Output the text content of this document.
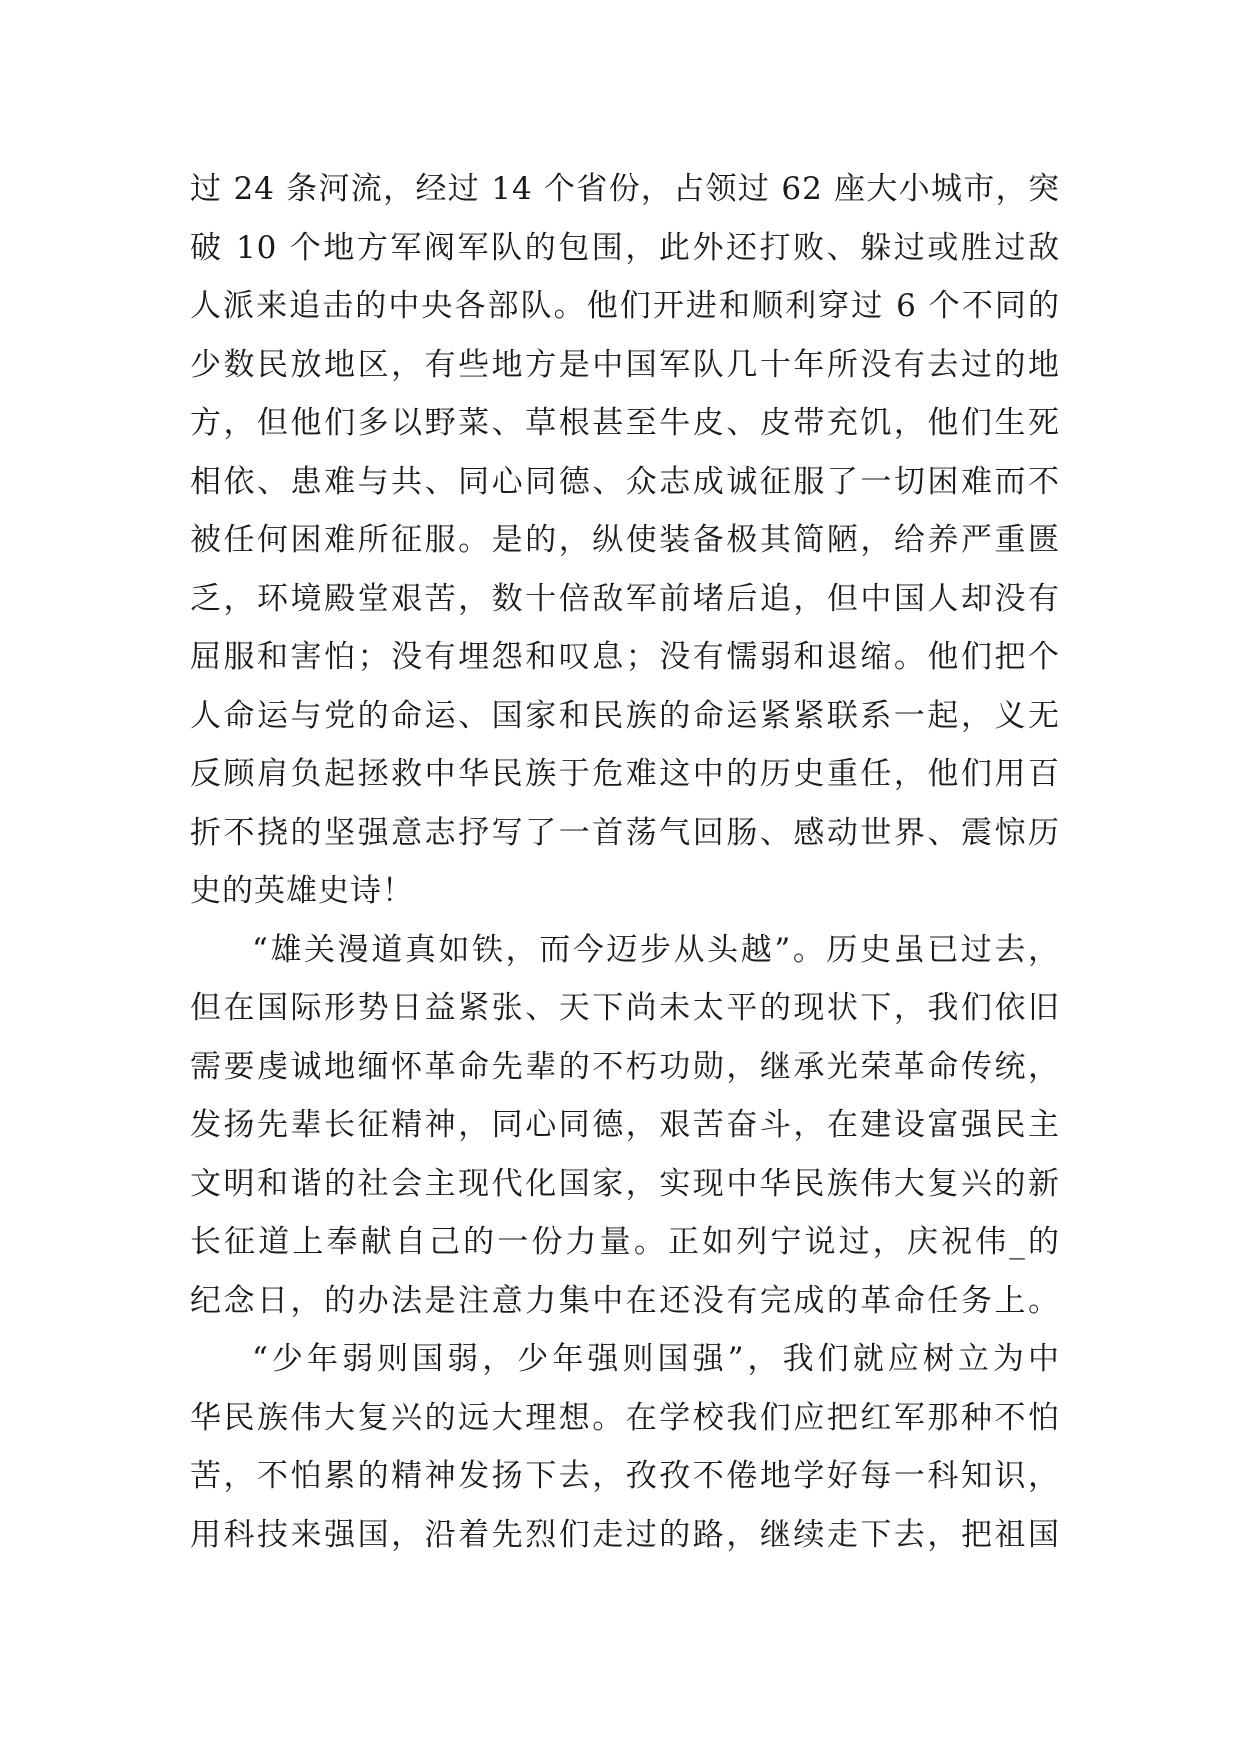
过 24 条河流，经过 14 个省份，占领过 62 座大小城市，突
破 10 个地方军阀军队的包围，此外还打败、躲过或胜过敌
人派来追击的中央各部队。他们开进和顺利穿过 6 个不同的
少数民放地区，有些地方是中国军队几十年所没有去过的地
方，但他们多以野菜、草根甚至牛皮、皮带充饥，他们生死
相依、患难与共、同心同德、众志成诚征服了一切困难而不
被任何困难所征服。是的，纵使装备极其简陋，给养严重匮
乏，环境殿堂艰苦，数十倍敌军前堵后追，但中国人却没有
屈服和害怕；没有埋怨和叹息；没有懦弱和退缩。他们把个
人命运与党的命运、国家和民族的命运紧紧联系一起，义无
反顾肩负起拯救中华民族于危难这中的历史重任，他们用百
折不挠的坚强意志抒写了一首荡气回肠、感动世界、震惊历
史的英雄史诗！
“雄关漫道真如铁，而今迈步从头越”。历史虽已过去，
但在国际形势日益紧张、天下尚未太平的现状下，我们依旧
需要虔诚地缅怀革命先辈的不朽功勋，继承光荣革命传统，
发扬先辈长征精神，同心同德，艰苦奋斗，在建设富强民主
文明和谐的社会主现代化国家，实现中华民族伟大复兴的新
长征道上奉献自己的一份力量。正如列宁说过，庆祝伟_的
纪念日，的办法是注意力集中在还没有完成的革命任务上。
“少年弱则国弱，少年强则国强”，我们就应树立为中
华民族伟大复兴的远大理想。在学校我们应把红军那种不怕
苦，不怕累的精神发扬下去，孜孜不倦地学好每一科知识，
用科技来强国，沿着先烈们走过的路，继续走下去，把祖国
